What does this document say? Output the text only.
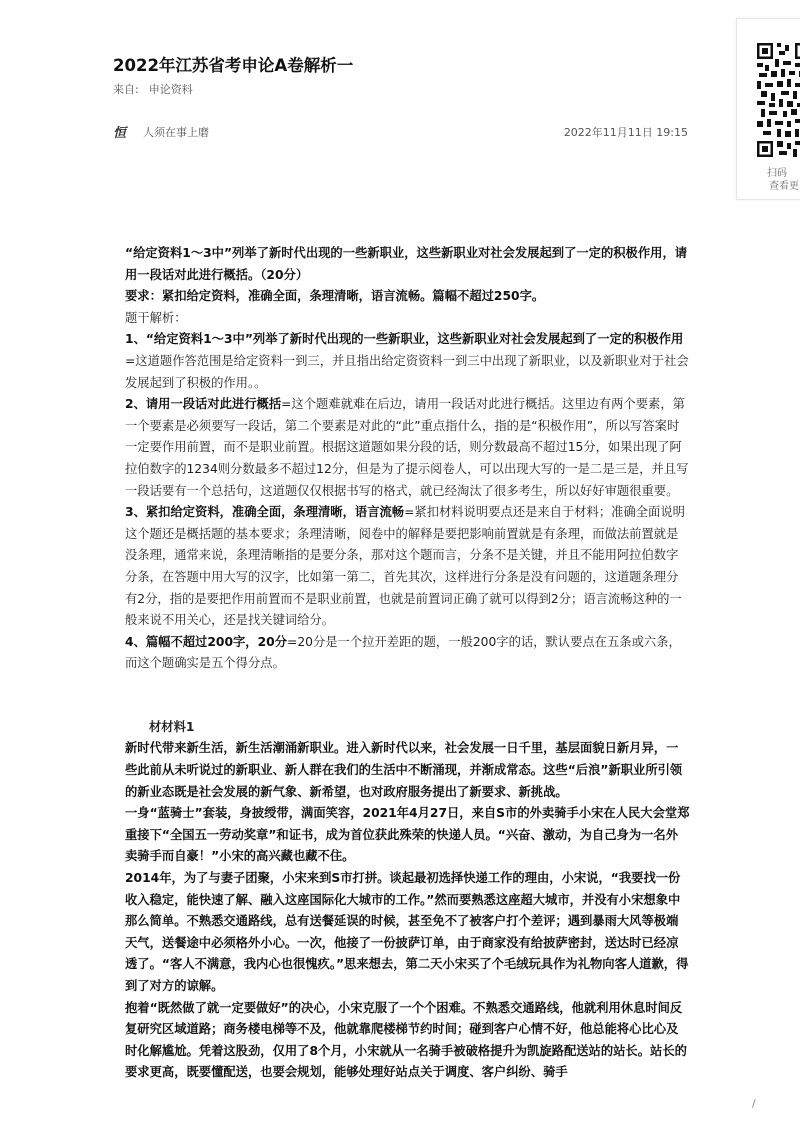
2022年江苏省考申论A卷解析一
来自: 申论资料
恒 人须在事上磨	2022年11月11日 19:15
扫码
查看更

“给定资料1～3中”列举了新时代出现的一些新职业，这些新职业对社会发展起到了一定的积极作用，请用一段话对此进行概括。（20分）

要求：紧扣给定资料，准确全面，条理清晰，语言流畅。篇幅不超过250字。

题干解析：

1、“给定资料1～3中”列举了新时代出现的一些新职业，这些新职业对社会发展起到了一定的积极作用=这道题作答范围是给定资料一到三，并且指出给定资资料一到三中出现了新职业，以及新职业对于社会发展起到了积极的作用。。

2、请用一段话对此进行概括=这个题难就难在后边，请用一段话对此进行概括。这里边有两个要素，第一个要素是必须要写一段话，第二个要素是对此的“此”重点指什么，指的是“积极作用”，所以写答案时一定要作用前置，而不是职业前置。根据这道题如果分段的话，则分数最高不超过15分，如果出现了阿拉伯数字的1234则分数最多不超过12分，但是为了提示阅卷人，可以出现大写的一是二是三是，并且写一段话要有一个总括句，这道题仅仅根据书写的格式，就已经淘汰了很多考生，所以好好审题很重要。

3、紧扣给定资料，准确全面，条理清晰，语言流畅=紧扣材料说明要点还是来自于材料；准确全面说明这个题还是概括题的基本要求；条理清晰，阅卷中的解释是要把影响前置就是有条理，而做法前置就是没条理，通常来说，条理清晰指的是要分条，那对这个题而言，分条不是关键，并且不能用阿拉伯数字分条，在答题中用大写的汉字，比如第一第二，首先其次，这样进行分条是没有问题的，这道题条理分有2分，指的是要把作用前置而不是职业前置，也就是前置词正确了就可以得到2分；语言流畅这种的一般来说不用关心，还是找关键词给分。

4、篇幅不超过200字，20分=20分是一个拉开差距的题，一般200字的话，默认要点在五条或六条，而这个题确实是五个得分点。

材材料1

新时代带来新生活，新生活潮涌新职业。进入新时代以来，社会发展一日千里，基层面貌日新月异，一些此前从未听说过的新职业、新人群在我们的生活中不断涌现，并渐成常态。这些“后浪”新职业所引领的新业态既是社会发展的新气象、新希望，也对政府服务提出了新要求、新挑战。

一身“蓝骑士”套装，身披绶带，满面笑容，2021年4月27日，来自S市的外卖骑手小宋在人民大会堂郑重接下“全国五一劳动奖章”和证书，成为首位获此殊荣的快递人员。“兴奋、激动，为自己身为一名外卖骑手而自豪！”小宋的高兴藏也藏不住。

2014年，为了与妻子团聚，小宋来到S市打拼。谈起最初选择快递工作的理由，小宋说，“我要找一份收入稳定，能快速了解、融入这座国际化大城市的工作。”然而要熟悉这座超大城市，并没有小宋想象中那么简单。不熟悉交通路线，总有送餐延误的时候，甚至免不了被客户打个差评；遇到暴雨大风等极端天气，送餐途中必须格外小心。一次，他接了一份披萨订单，由于商家没有给披萨密封，送达时已经凉透了。“客人不满意，我内心也很愧疚。”思来想去，第二天小宋买了个毛绒玩具作为礼物向客人道歉，得到了对方的谅解。

抱着“既然做了就一定要做好”的决心，小宋克服了一个个困难。不熟悉交通路线，他就利用休息时间反复研究区域道路；商务楼电梯等不及，他就靠爬楼梯节约时间；碰到客户心情不好，他总能将心比心及时化解尴尬。凭着这股劲，仅用了8个月，小宋就从一名骑手被破格提升为凯旋路配送站的站长。站长的要求更高，既要懂配送，也要会规划，能够处理好站点关于调度、客户纠纷、骑手

/
